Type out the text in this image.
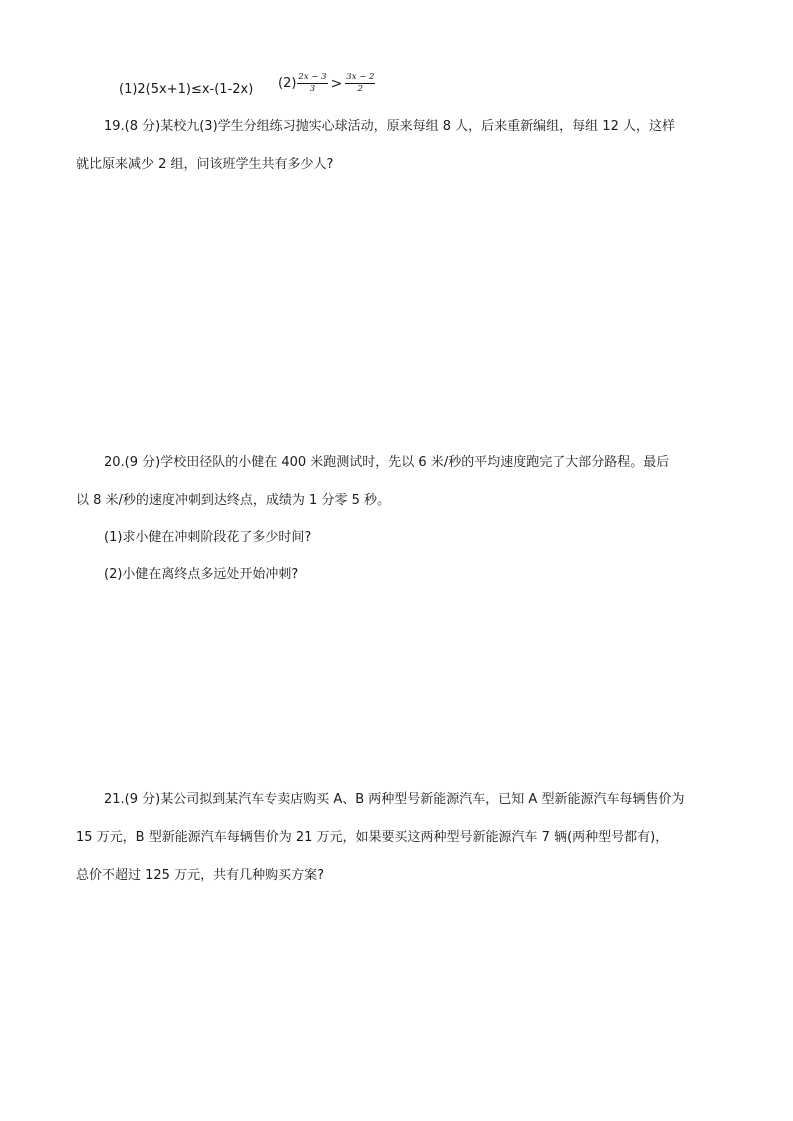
(1)2(5x+1)≤x-(1-2x) $(2) \frac{2x - 3}{3} > \frac{3x - 2}{2}$
19.(8 分)某校九(3)学生分组练习抛实心球活动，原来每组 8 人，后来重新编组，每组 12 人，这样
就比原来减少 2 组，问该班学生共有多少人?
20.(9 分)学校田径队的小健在 400 米跑测试时，先以 6 米/秒的平均速度跑完了大部分路程。最后
以 8 米/秒的速度冲刺到达终点，成绩为 1 分零 5 秒。
(1)求小健在冲刺阶段花了多少时间?
(2)小健在离终点多远处开始冲刺?
21.(9 分)某公司拟到某汽车专卖店购买 A、B 两种型号新能源汽车，已知 A 型新能源汽车每辆售价为
15 万元，B 型新能源汽车每辆售价为 21 万元，如果要买这两种型号新能源汽车 7 辆(两种型号都有)，
总价不超过 125 万元，共有几种购买方案?
